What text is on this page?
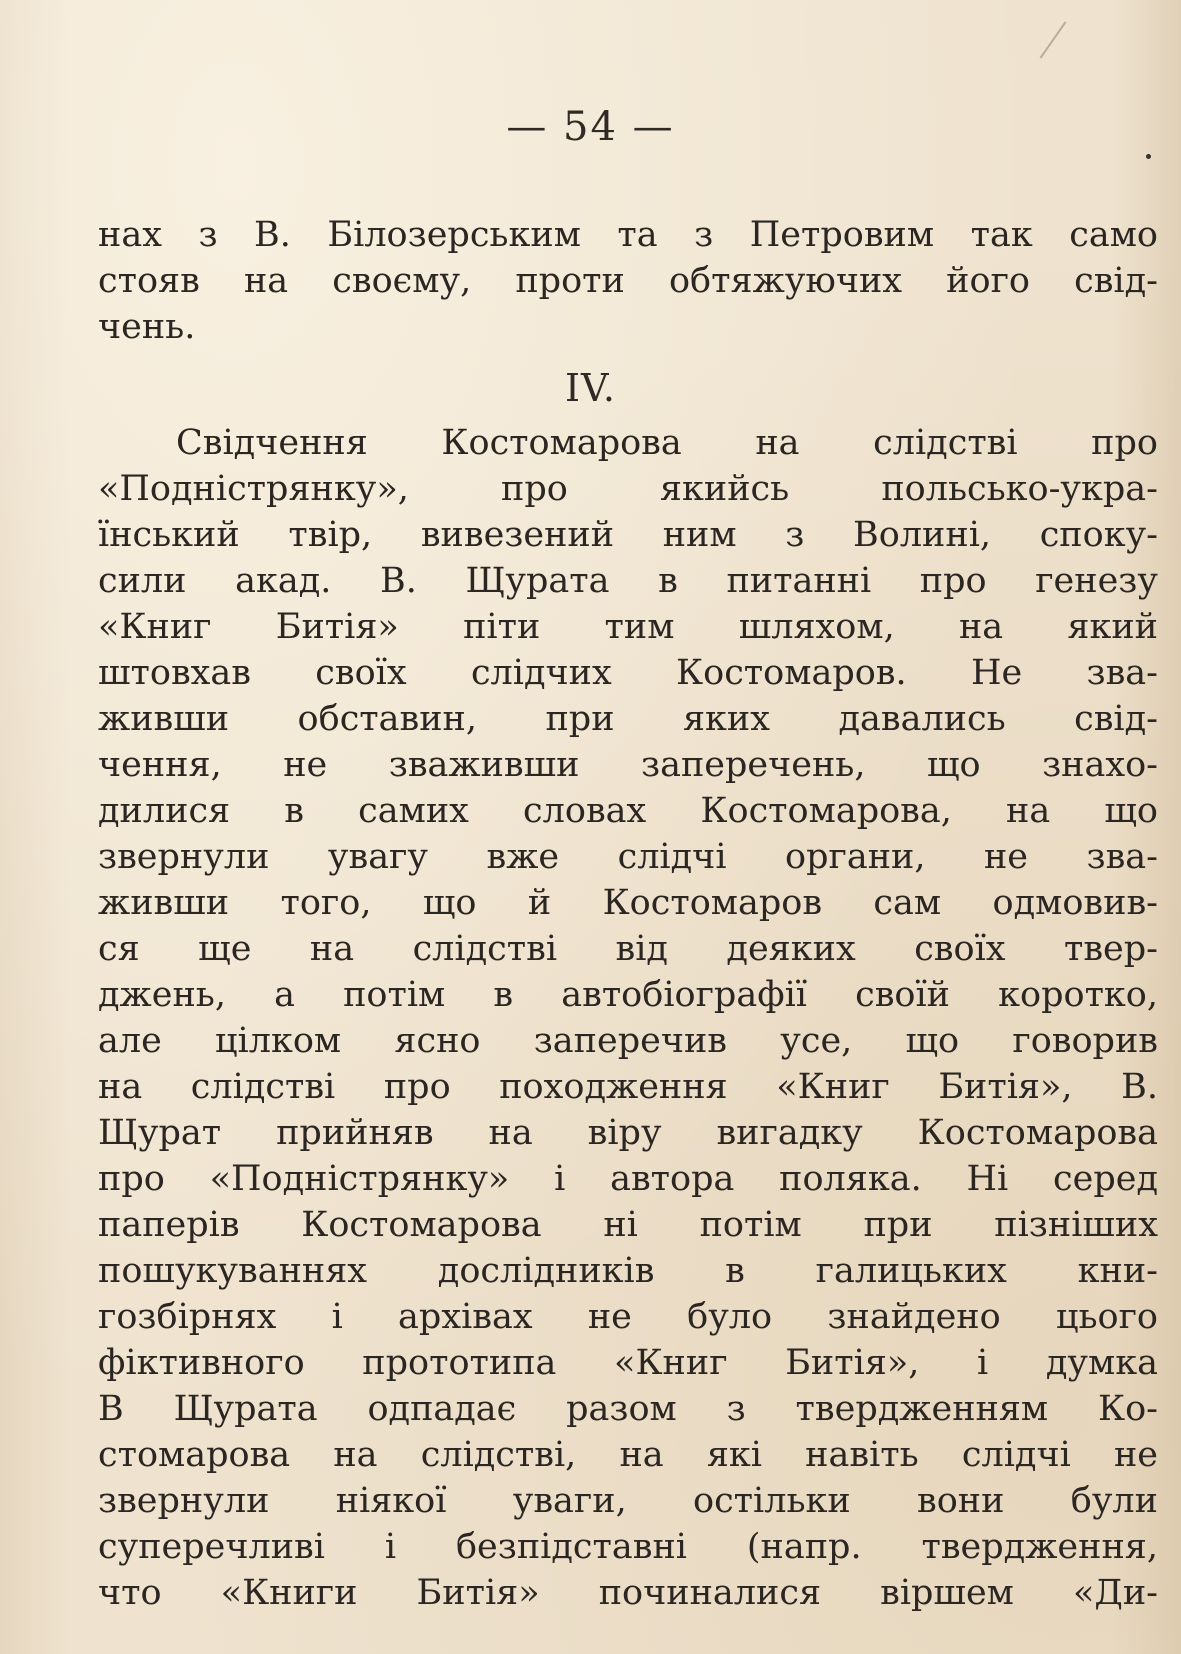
— 54 —
нах з В. Білозерським та з Петровим так само
стояв на своєму, проти обтяжуючих його свід-
чень.
IV.
Свідчення Костомарова на слідстві про
«Подністрянку», про якийсь польсько-укра-
їнський твір, вивезений ним з Волині, споку-
сили акад. В. Щурата в питанні про генезу
«Книг Битія» піти тим шляхом, на який
штовхав своїх слідчих Костомаров. Не зва-
живши обставин, при яких давались свід-
чення, не зваживши заперечень, що знахо-
дилися в самих словах Костомарова, на що
звернули увагу вже слідчі органи, не зва-
живши того, що й Костомаров сам одмовив-
ся ще на слідстві від деяких своїх твер-
джень, а потім в автобіографії своїй коротко,
але цілком ясно заперечив усе, що говорив
на слідстві про походження «Книг Битія», В.
Щурат прийняв на віру вигадку Костомарова
про «Подністрянку» і автора поляка. Ні серед
паперів Костомарова ні потім при пізніших
пошукуваннях дослідників в галицьких кни-
гозбірнях і архівах не було знайдено цього
фіктивного прототипа «Книг Битія», і думка
В Щурата одпадає разом з твердженням Ко-
стомарова на слідстві, на які навіть слідчі не
звернули ніякої уваги, остільки вони були
суперечливі і безпідставні (напр. твердження,
что «Книги Битія» починалися віршем «Ди-
